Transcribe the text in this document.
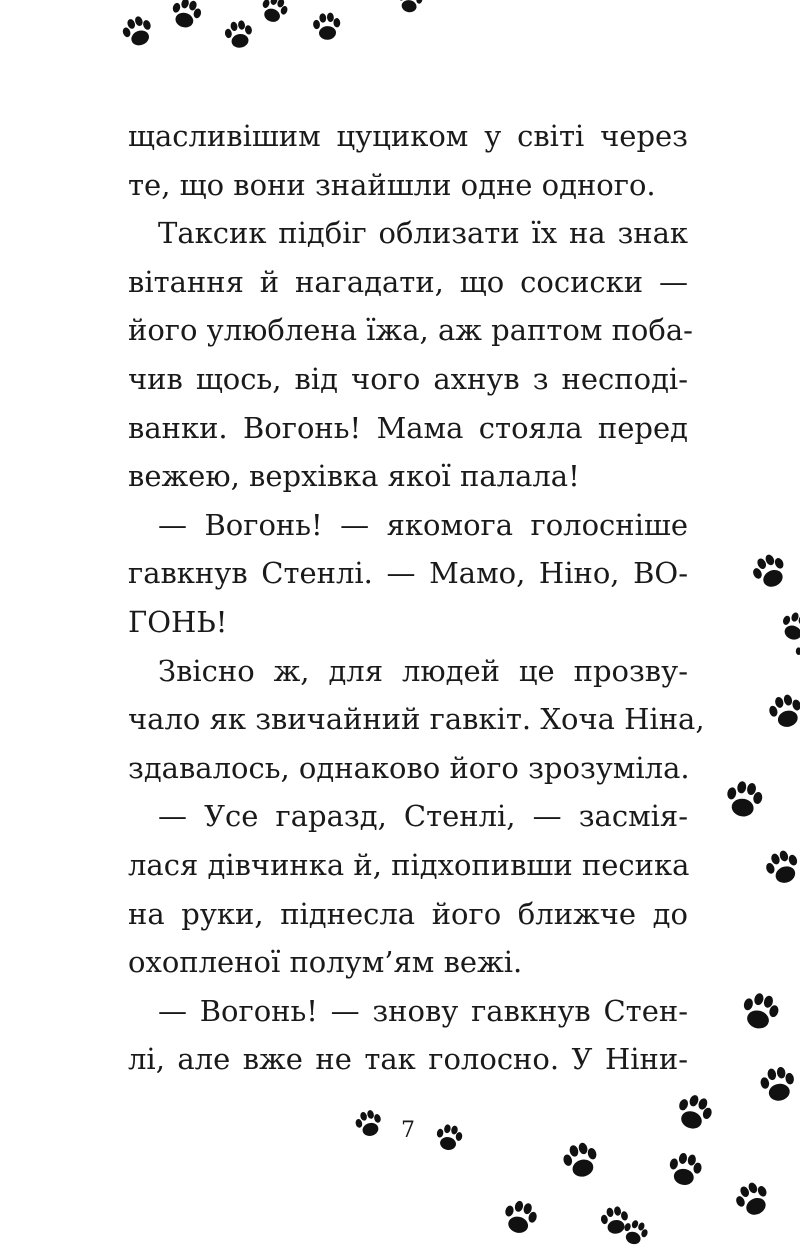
щасливішим цуциком у світі через
те, що вони знайшли одне одного.
Таксик підбіг облизати їх на знак
вітання й нагадати, що сосиски —
його улюблена їжа, аж раптом поба-
чив щось, від чого ахнув з несподі-
ванки. Вогонь! Мама стояла перед
вежею, верхівка якої палала!
— Вогонь! — якомога голосніше
гавкнув Стенлі. — Мамо, Ніно, ВО-
ГОНЬ!
Звісно ж, для людей це прозву-
чало як звичайний гавкіт. Хоча Ніна,
здавалось, однаково його зрозуміла.
— Усе гаразд, Стенлі, — засмія-
лася дівчинка й, підхопивши песика
на руки, піднесла його ближче до
охопленої полум’ям вежі.
— Вогонь! — знову гавкнув Стен-
лі, але вже не так голосно. У Ніни-
7
